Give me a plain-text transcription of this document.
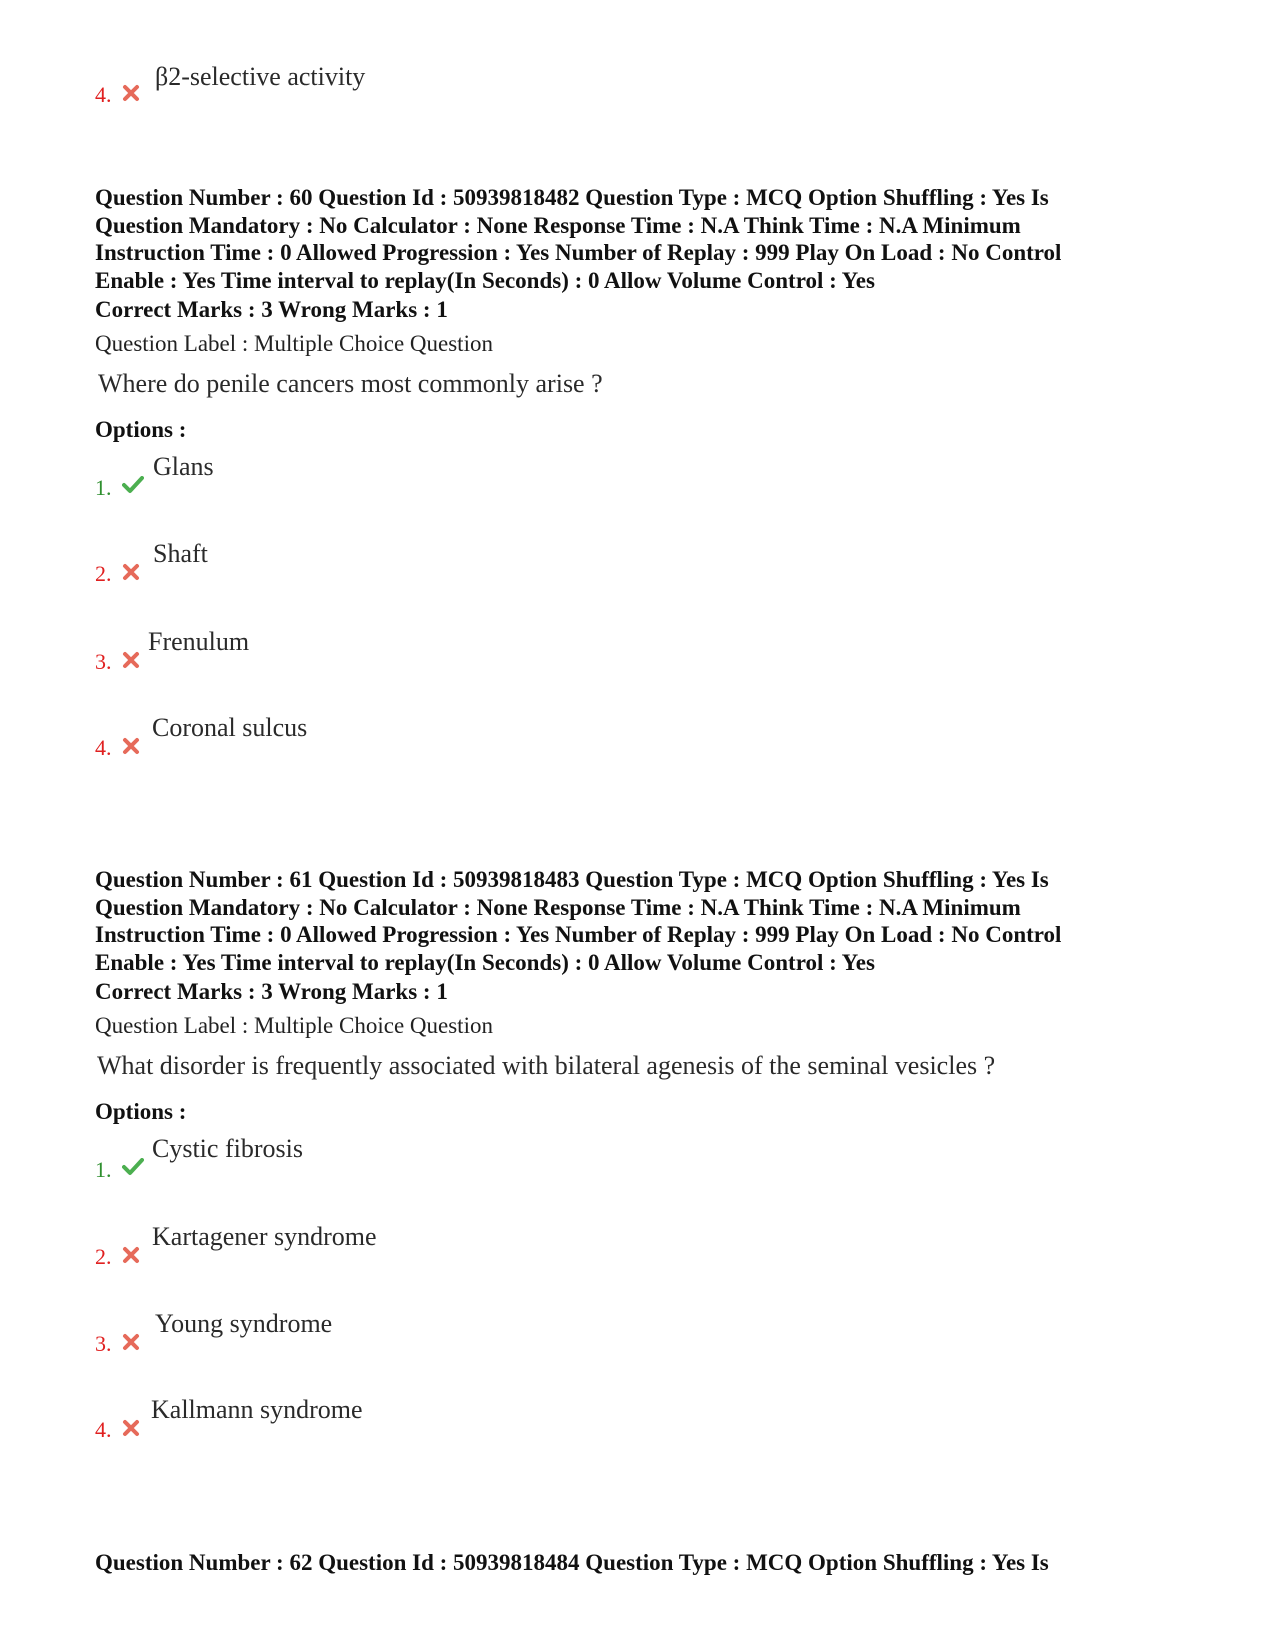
4.
β2-selective activity
Question Number : 60 Question Id : 50939818482 Question Type : MCQ Option Shuffling : Yes Is
Question Mandatory : No Calculator : None Response Time : N.A Think Time : N.A Minimum
Instruction Time : 0 Allowed Progression : Yes Number of Replay : 999 Play On Load : No Control
Enable : Yes Time interval to replay(In Seconds) : 0 Allow Volume Control : Yes
Correct Marks : 3 Wrong Marks : 1
Question Label : Multiple Choice Question
Where do penile cancers most commonly arise ?
Options :
1.
Glans
2.
Shaft
3.
Frenulum
4.
Coronal sulcus
Question Number : 61 Question Id : 50939818483 Question Type : MCQ Option Shuffling : Yes Is
Question Mandatory : No Calculator : None Response Time : N.A Think Time : N.A Minimum
Instruction Time : 0 Allowed Progression : Yes Number of Replay : 999 Play On Load : No Control
Enable : Yes Time interval to replay(In Seconds) : 0 Allow Volume Control : Yes
Correct Marks : 3 Wrong Marks : 1
Question Label : Multiple Choice Question
What disorder is frequently associated with bilateral agenesis of the seminal vesicles ?
Options :
1.
Cystic fibrosis
2.
Kartagener syndrome
3.
Young syndrome
4.
Kallmann syndrome
Question Number : 62 Question Id : 50939818484 Question Type : MCQ Option Shuffling : Yes Is
